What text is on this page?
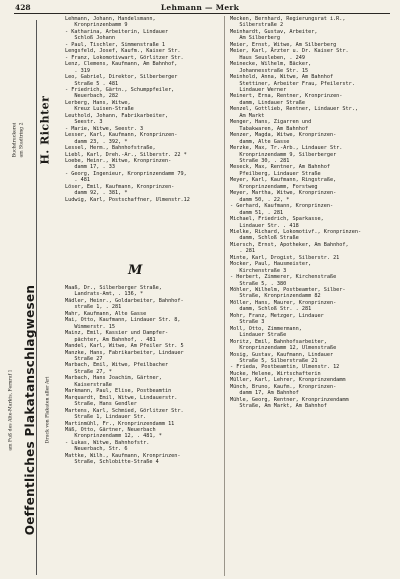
428	Lehmann — Merk
H. Richter
Buchdruckerei am Stadtring 2
Oeffentliches Plakatanschlagwesen
am Fuß des Alte-Markts, Fernruf 1	Druck von Plakaten aller Art
Lehmann, Johann, Handelsmann,
Kronprinzenbamm 9
- Katharina, Arbeiterin, Lindauer
Schloß Johann
- Paul, Tischler, Simmenstraße 1
Lengsfeld, Josef, Kaufm., Kaiser Str.
- Franz, Lokomotivwart, Görlitzer Str.
Lenz, Clemens, Kaufmann, Am Bahnhof,
. 319
Leo, Gabriel, Direktor, Silberberger
Straße 5 . 481
- Friedrich, Gärtn., Schumppfeiler,
Neuerbach, 282
Lerberg, Hans, Witwe,
Kreuz Luisen-Straße
Leuthold, Johann, Fabrikarbeiter,
Seestr. 3
- Marie, Witwe, Seestr. 3
Lesser, Karl, Kaufmann, Kronprinzen-
damm 23, . 392, *
Lessel, Herm., Bahnhofstraße,
Liebl, Karl, Dreh.-Ar., Silberstr. 22 *
Loebe, Heinr., Witwe, Kronprinzen-
damm 17, . 33
- Georg, Ingenieur, Kronprinzendamm 79,
. 481
Löser, Emil, Kaufmann, Kronprinzen-
damm 92, . 381, *
Ludwig, Karl, Postschaffner, Ulmenstr.12
M
Maaß, Dr., Silberberger Straße,
Landrats-Amt, . 136, *
Mädler, Heinr., Goldarbeiter, Bahnhof-
straße 1, . 281
Mahr, Kaufmann, Alte Gasse
Mai, Otto, Kaufmann, Lindauer Str. 8,
Wimmerstr. 15
Mainz, Emil, Kassier und Dampfer-
pächter, Am Bahnhof, . 481
Mandel, Karl, Witwe, Am Pfeiler Str. 5
Manzke, Hans, Fabrikarbeiter, Lindauer
Straße 27
Marbach, Emil, Witwe, Pfeilbacher
Straße 27, *
Marbach, Hans Joachim, Gärtner,
Kaiserstraße
Markmann, Paul, Elise, Postbeamtin
Marquardt, Emil, Witwe, Lindauerstr.
Straße, Hans Gendler
Martens, Karl, Schmied, Görlitzer Str.
Straße 1, Lindauer Str.
Martinmühl, Fr., Kronprinzendamm 11
Mäß, Otto, Gärtner, Neuerbach
Kronprinzendamm 12, . 481, *
- Lukas, Witwe, Bahnhofstr.
Neuerbach, Str. 6
Mattke, Wilh., Kaufmann, Kronprinzen-
Straße, Schlobitte-Straße 4
Mecken, Bernhard, Regierungsrat i.R.,
Silberstraße 2
Meinhardt, Gustav, Arbeiter,
Am Silberberg
Meier, Ernst, Witwe, Am Silberberg
Meier, Karl, Ärzter u. Dr. Kaiser Str.
Haus Seusleben, . 249
Meinecke, Wilhelm, Bäcker,
Johannesstraße Str. 15
Meinhold, Anna, Witwe, Am Bahnhof
Stettiner, Arbeiter Frau, Pfeilerstr.
Lindauer Werner
Meinert, Erna, Rentner, Kronprinzen-
damm, Lindauer Straße
Menzel, Gottlieb, Rentner, Lindauer Str.,
Am Markt
Menger, Hans, Zigarren und
Tabakwaren, Am Bahnhof
Menzer, Magda, Witwe, Kronprinzen-
damm, Alte Gasse
Merzke, Max, Tr.-Arb., Lindauer Str.
Kronprinzendamm 9, Silberberger
Straße 30, . 281
Meseck, Max, Rentner, Am Bahnhof
Pfeilberg, Lindauer Straße
Meyer, Karl, Kaufmann, Ringstraße,
Kronprinzendamm, Forstweg
Meyer, Martha, Witwe, Kronprinzen-
damm 50, . 22, *
- Gerhard, Kaufmann, Kronprinzen-
damm 51, . 281
Michael, Friedrich, Sparkasse,
Lindauer Str. . 418
Mielke, Richard, Lokomotivf., Kronprinzen-
damm, Schloß Straße
Miersch, Ernst, Apotheker, Am Bahnhof,
. 281
Minte, Karl, Drogist, Silberstr. 21
Mocker, Paul, Hausmeister,
Kirchenstraße 3
- Herbert, Zimmerer, Kirchenstraße
Straße 5, . 380
Möhler, Wilhelm, Postbeamter, Silber-
Straße, Kronprinzendamm 82
Möller, Hans, Maurer, Kronprinzen-
damm, Schloß Str. . 281
Mohr, Franz, Metzger, Lindauer
Straße 3
Moll, Otto, Zimmermann,
Lindauer Straße
Moritz, Emil, Bahnhofsarbeiter,
Kronprinzendamm 12, Ulmenstraße
Mosig, Gustav, Kaufmann, Lindauer
Straße 5, Silberstraße 21
- Frieda, Postbeamtin, Ulmenstr. 12
Mucke, Helene, Wirtschafterin
Müller, Karl, Lehrer, Kronprinzendamm
Münch, Bruno, Kaufm., Kronprinzen-
damm 17, Am Bahnhof
Mühle, Georg, Rentner, Kronprinzendamm
Straße, Am Markt, Am Bahnhof
